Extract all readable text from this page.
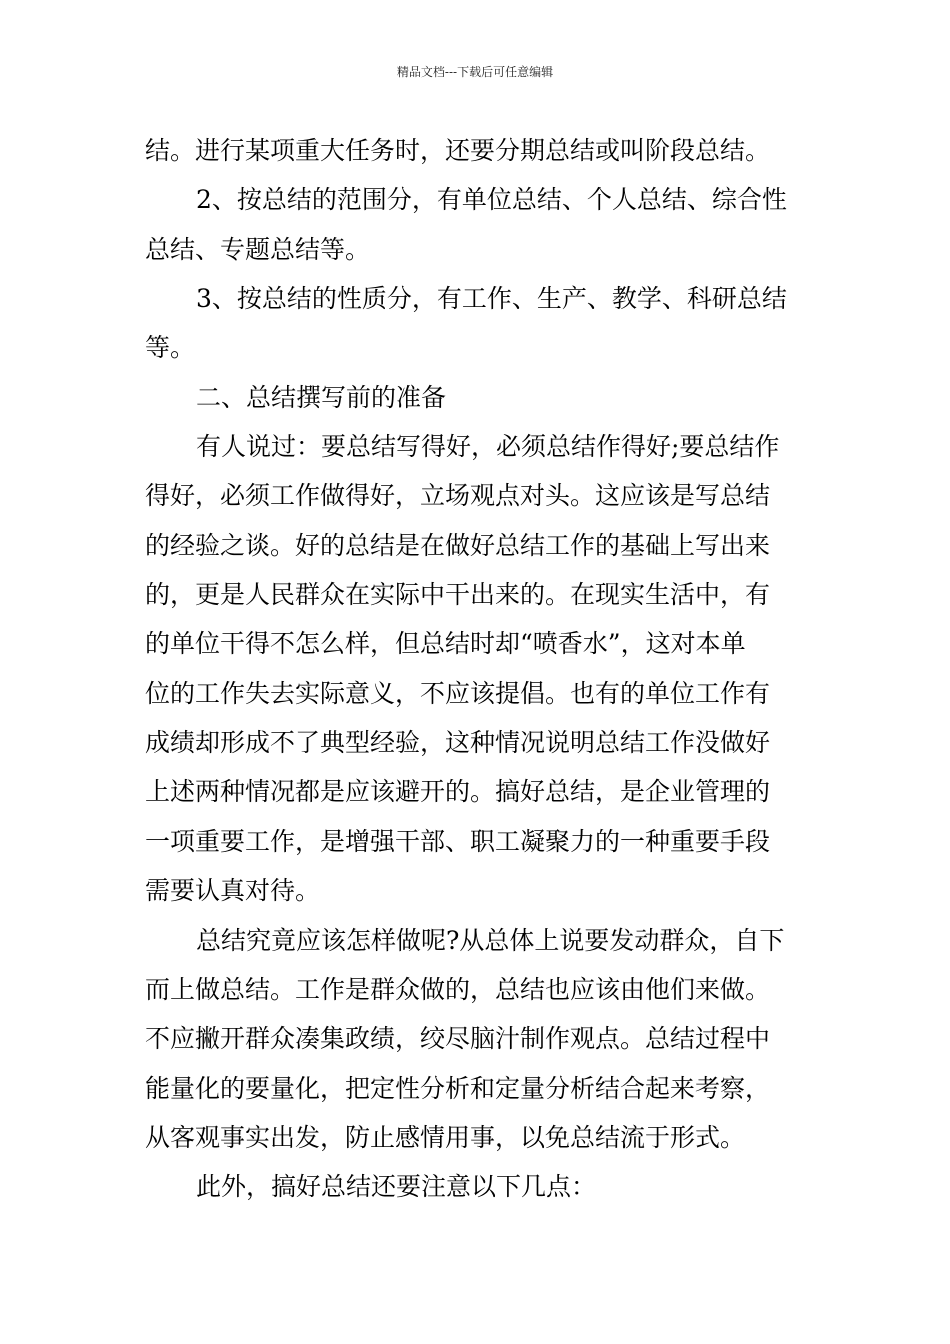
精品文档---下载后可任意编辑
结。进行某项重大任务时，还要分期总结或叫阶段总结。
2、按总结的范围分，有单位总结、个人总结、综合性
总结、专题总结等。
3、按总结的性质分，有工作、生产、教学、科研总结
等。
二、总结撰写前的准备
有人说过：要总结写得好，必须总结作得好;要总结作
得好，必须工作做得好，立场观点对头。这应该是写总结
的经验之谈。好的总结是在做好总结工作的基础上写出来
的，更是人民群众在实际中干出来的。在现实生活中，有
的单位干得不怎么样，但总结时却“喷香水”，这对本单
位的工作失去实际意义，不应该提倡。也有的单位工作有
成绩却形成不了典型经验，这种情况说明总结工作没做好
上述两种情况都是应该避开的。搞好总结，是企业管理的
一项重要工作，是增强干部、职工凝聚力的一种重要手段
需要认真对待。
总结究竟应该怎样做呢?从总体上说要发动群众，自下
而上做总结。工作是群众做的，总结也应该由他们来做。
不应撇开群众凑集政绩，绞尽脑汁制作观点。总结过程中
能量化的要量化，把定性分析和定量分析结合起来考察，
从客观事实出发，防止感情用事，以免总结流于形式。
此外，搞好总结还要注意以下几点：
